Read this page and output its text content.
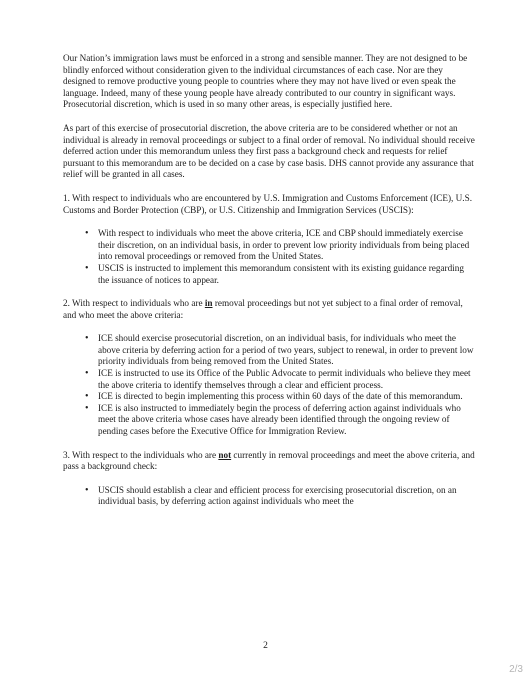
Our Nation’s immigration laws must be enforced in a strong and sensible manner. They are not designed to be blindly enforced without consideration given to the individual circumstances of each case. Nor are they designed to remove productive young people to countries where they may not have lived or even speak the language. Indeed, many of these young people have already contributed to our country in significant ways. Prosecutorial discretion, which is used in so many other areas, is especially justified here.

As part of this exercise of prosecutorial discretion, the above criteria are to be considered whether or not an individual is already in removal proceedings or subject to a final order of removal. No individual should receive deferred action under this memorandum unless they first pass a background check and requests for relief pursuant to this memorandum are to be decided on a case by case basis. DHS cannot provide any assurance that relief will be granted in all cases.

1. With respect to individuals who are encountered by U.S. Immigration and Customs Enforcement (ICE), U.S. Customs and Border Protection (CBP), or U.S. Citizenship and Immigration Services (USCIS):

• With respect to individuals who meet the above criteria, ICE and CBP should immediately exercise their discretion, on an individual basis, in order to prevent low priority individuals from being placed into removal proceedings or removed from the United States.
• USCIS is instructed to implement this memorandum consistent with its existing guidance regarding the issuance of notices to appear.

2. With respect to individuals who are in removal proceedings but not yet subject to a final order of removal, and who meet the above criteria:

• ICE should exercise prosecutorial discretion, on an individual basis, for individuals who meet the above criteria by deferring action for a period of two years, subject to renewal, in order to prevent low priority individuals from being removed from the United States.
• ICE is instructed to use its Office of the Public Advocate to permit individuals who believe they meet the above criteria to identify themselves through a clear and efficient process.
• ICE is directed to begin implementing this process within 60 days of the date of this memorandum.
• ICE is also instructed to immediately begin the process of deferring action against individuals who meet the above criteria whose cases have already been identified through the ongoing review of pending cases before the Executive Office for Immigration Review.

3. With respect to the individuals who are not currently in removal proceedings and meet the above criteria, and pass a background check:

• USCIS should establish a clear and efficient process for exercising prosecutorial discretion, on an individual basis, by deferring action against individuals who meet the
2
2/3
